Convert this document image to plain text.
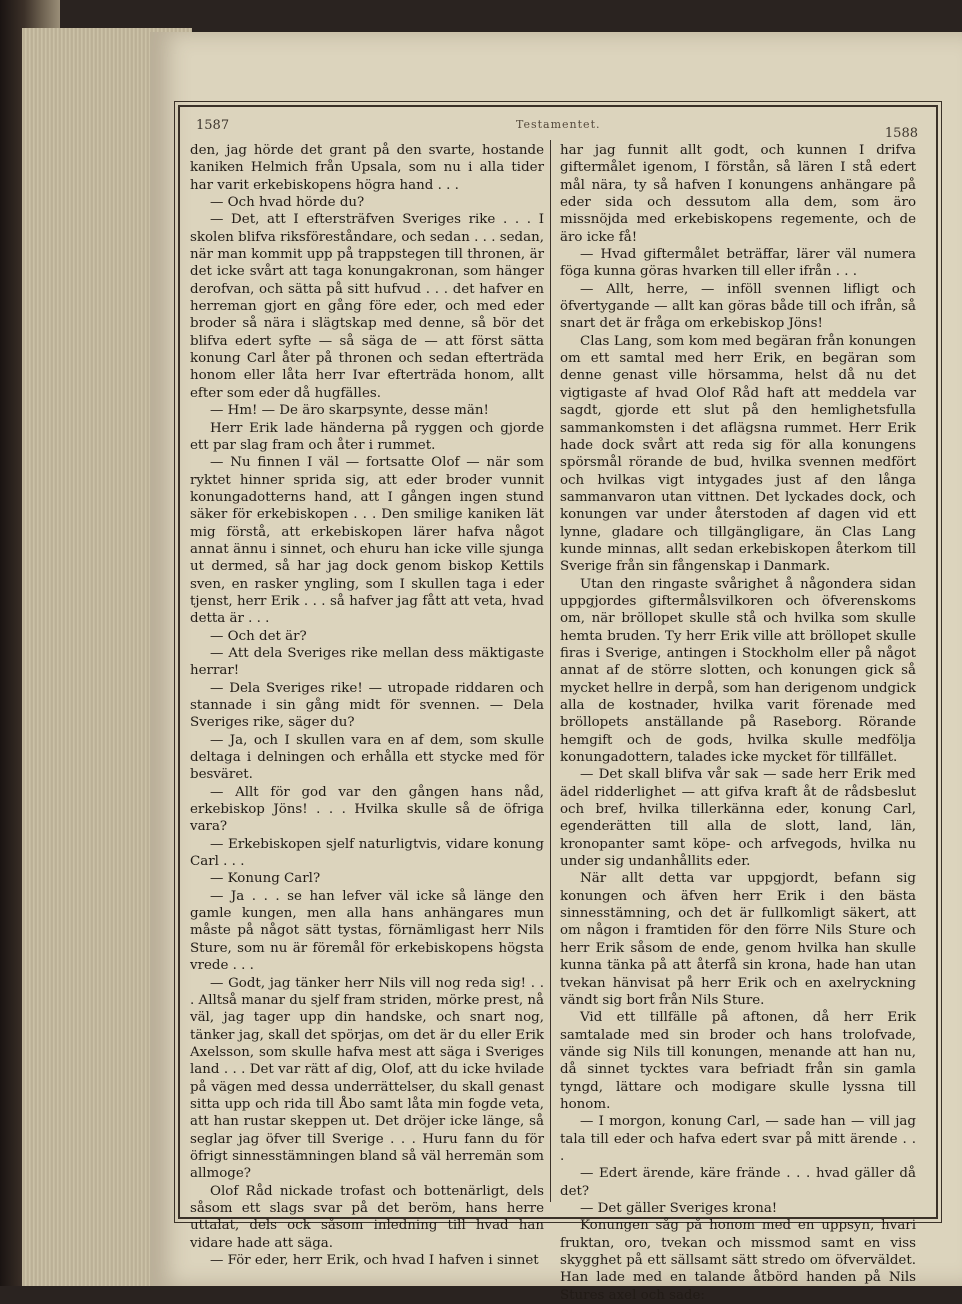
1587	Testamentet.
1588

den, jag hörde det grant på den svarte, hostande kaniken Helmich från Upsala, som nu i alla tider har varit erkebiskopens högra hand . . .

— Och hvad hörde du?

— Det, att I eftersträfven Sveriges rike . . . I skolen blifva riksföreståndare, och sedan . . . sedan, när man kommit upp på trappstegen till thronen, är det icke svårt att taga konungakronan, som hänger derofvan, och sätta på sitt hufvud . . . det hafver en herreman gjort en gång före eder, och med eder broder så nära i slägtskap med denne, så bör det blifva edert syfte — så säga de — att först sätta konung Carl åter på thronen och sedan efterträda honom eller låta herr Ivar efterträda honom, allt efter som eder då hugfälles.

— Hm! — De äro skarpsynte, desse män!

Herr Erik lade händerna på ryggen och gjorde ett par slag fram och åter i rummet.

— Nu finnen I väl — fortsatte Olof — när som ryktet hinner sprida sig, att eder broder vunnit konungadotterns hand, att I gången ingen stund säker för erkebiskopen . . . Den smilige kaniken lät mig förstå, att erkebiskopen lärer hafva något annat ännu i sinnet, och ehuru han icke ville sjunga ut dermed, så har jag dock genom biskop Kettils sven, en rasker yngling, som I skullen taga i eder tjenst, herr Erik . . . så hafver jag fått att veta, hvad detta är . . .

— Och det är?

— Att dela Sveriges rike mellan dess mäktigaste herrar!

— Dela Sveriges rike! — utropade riddaren och stannade i sin gång midt för svennen. — Dela Sveriges rike, säger du?

— Ja, och I skullen vara en af dem, som skulle deltaga i delningen och erhålla ett stycke med för besväret.

— Allt för god var den gången hans nåd, erkebiskop Jöns! . . . Hvilka skulle så de öfriga vara?

— Erkebiskopen sjelf naturligtvis, vidare konung Carl . . .

— Konung Carl?

— Ja . . . se han lefver väl icke så länge den gamle kungen, men alla hans anhängares mun måste på något sätt tystas, förnämligast herr Nils Sture, som nu är föremål för erkebiskopens högsta vrede . . .

— Godt, jag tänker herr Nils vill nog reda sig! . . . Alltså manar du sjelf fram striden, mörke prest, nå väl, jag tager upp din handske, och snart nog, tänker jag, skall det spörjas, om det är du eller Erik Axelsson, som skulle hafva mest att säga i Sveriges land . . . Det var rätt af dig, Olof, att du icke hvilade på vägen med dessa underrättelser, du skall genast sitta upp och rida till Åbo samt låta min fogde veta, att han rustar skeppen ut. Det dröjer icke länge, så seglar jag öfver till Sverige . . . Huru fann du för öfrigt sinnesstämningen bland så väl herremän som allmoge?

Olof Råd nickade trofast och bottenärligt, dels såsom ett slags svar på det beröm, hans herre uttalat, dels ock såsom inledning till hvad han vidare hade att säga.

— För eder, herr Erik, och hvad I hafven i sinnet

har jag funnit allt godt, och kunnen I drifva giftermålet igenom, I förstån, så lären I stå edert mål nära, ty så hafven I konungens anhängare på eder sida och dessutom alla dem, som äro missnöjda med erkebiskopens regemente, och de äro icke få!

— Hvad giftermålet beträffar, lärer väl numera föga kunna göras hvarken till eller ifrån . . .

— Allt, herre, — inföll svennen lifligt och öfvertygande — allt kan göras både till och ifrån, så snart det är fråga om erkebiskop Jöns!

Clas Lang, som kom med begäran från konungen om ett samtal med herr Erik, en begäran som denne genast ville hörsamma, helst då nu det vigtigaste af hvad Olof Råd haft att meddela var sagdt, gjorde ett slut på den hemlighetsfulla sammankomsten i det aflägsna rummet. Herr Erik hade dock svårt att reda sig för alla konungens spörsmål rörande de bud, hvilka svennen medfört och hvilkas vigt intygades just af den långa sammanvaron utan vittnen. Det lyckades dock, och konungen var under återstoden af dagen vid ett lynne, gladare och tillgängligare, än Clas Lang kunde minnas, allt sedan erkebiskopen återkom till Sverige från sin fångenskap i Danmark.

Utan den ringaste svårighet å någondera sidan uppgjordes giftermålsvilkoren och öfverenskoms om, när bröllopet skulle stå och hvilka som skulle hemta bruden. Ty herr Erik ville att bröllopet skulle firas i Sverige, antingen i Stockholm eller på något annat af de större slotten, och konungen gick så mycket hellre in derpå, som han derigenom undgick alla de kostnader, hvilka varit förenade med bröllopets anställande på Raseborg. Rörande hemgift och de gods, hvilka skulle medfölja konungadottern, talades icke mycket för tillfället.

— Det skall blifva vår sak — sade herr Erik med ädel ridderlighet — att gifva kraft åt de rådsbeslut och bref, hvilka tillerkänna eder, konung Carl, egenderätten till alla de slott, land, län, kronopanter samt köpe- och arfvegods, hvilka nu under sig undanhållits eder.

När allt detta var uppgjordt, befann sig konungen och äfven herr Erik i den bästa sinnesstämning, och det är fullkomligt säkert, att om någon i framtiden för den förre Nils Sture och herr Erik såsom de ende, genom hvilka han skulle kunna tänka på att återfå sin krona, hade han utan tvekan hänvisat på herr Erik och en axelryckning vändt sig bort från Nils Sture.

Vid ett tillfälle på aftonen, då herr Erik samtalade med sin broder och hans trolofvade, vände sig Nils till konungen, menande att han nu, då sinnet tycktes vara befriadt från sin gamla tyngd, lättare och modigare skulle lyssna till honom.

— I morgon, konung Carl, — sade han — vill jag tala till eder och hafva edert svar på mitt ärende . . .

— Edert ärende, käre frände . . . hvad gäller då det?

— Det gäller Sveriges krona!

Konungen såg på honom med en uppsyn, hvari fruktan, oro, tvekan och missmod samt en viss skygghet på ett sällsamt sätt stredo om öfverväldet. Han lade med en talande åtbörd handen på Nils Stures axel och sade:
